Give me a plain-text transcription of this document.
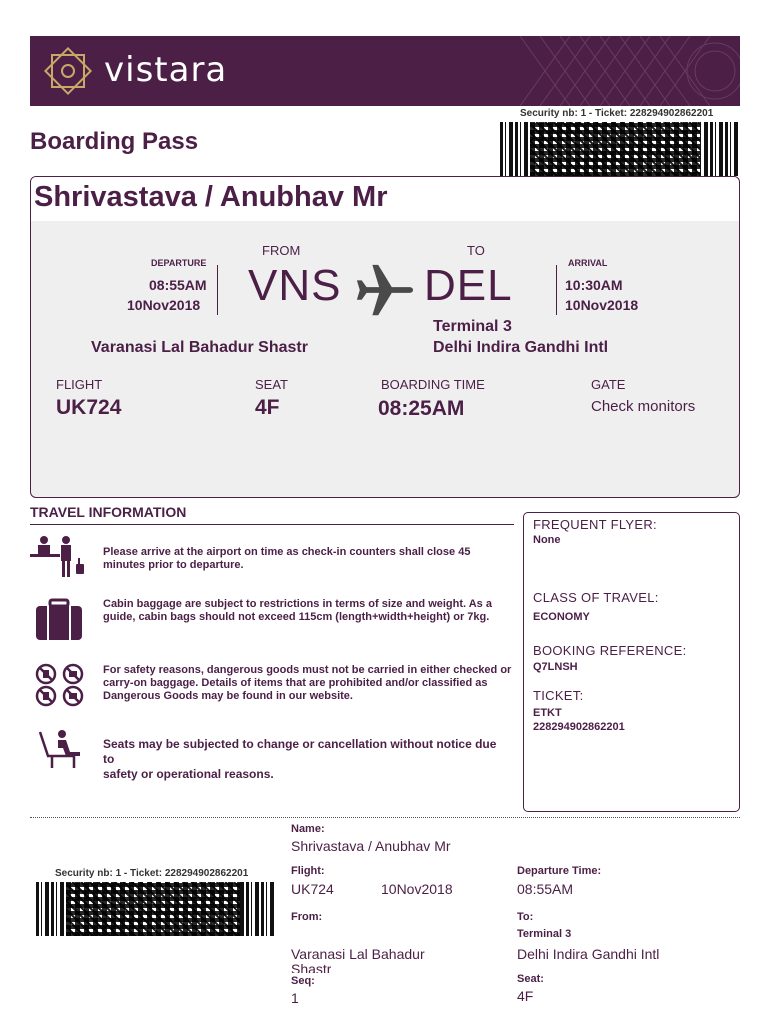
vistara
Security nb: 1 - Ticket: 228294902862201
Boarding Pass
Shrivastava / Anubhav Mr
DEPARTURE
08:55AM
10Nov2018
FROM
VNS
TO
DEL	ARRIVAL
10:30AM
10Nov2018
Terminal 3
Varanasi Lal Bahadur Shastr	Delhi Indira Gandhi Intl
FLIGHT
UK724
SEAT
4F
BOARDING TIME
08:25AM
GATE
Check monitors
TRAVEL INFORMATION
Please arrive at the airport on time as check-in counters shall close 45 minutes prior to departure.
Cabin baggage are subject to restrictions in terms of size and weight. As a guide, cabin bags should not exceed 115cm (length+width+height) or 7kg.
For safety reasons, dangerous goods must not be carried in either checked or carry-on baggage. Details of items that are prohibited and/or classified as Dangerous Goods may be found in our website.
Seats may be subjected to change or cancellation without notice due to
safety or operational reasons.
FREQUENT FLYER:
None
CLASS OF TRAVEL:
ECONOMY
BOOKING REFERENCE:
Q7LNSH
TICKET:
ETKT
228294902862201
Security nb: 1 - Ticket: 228294902862201
Name:
Shrivastava / Anubhav Mr
Flight:
UK724	10Nov2018
Departure Time:
08:55AM
From:
Varanasi Lal Bahadur
Shastr
To:
Terminal 3
Delhi Indira Gandhi Intl
Seq:
1
Seat:
4F
